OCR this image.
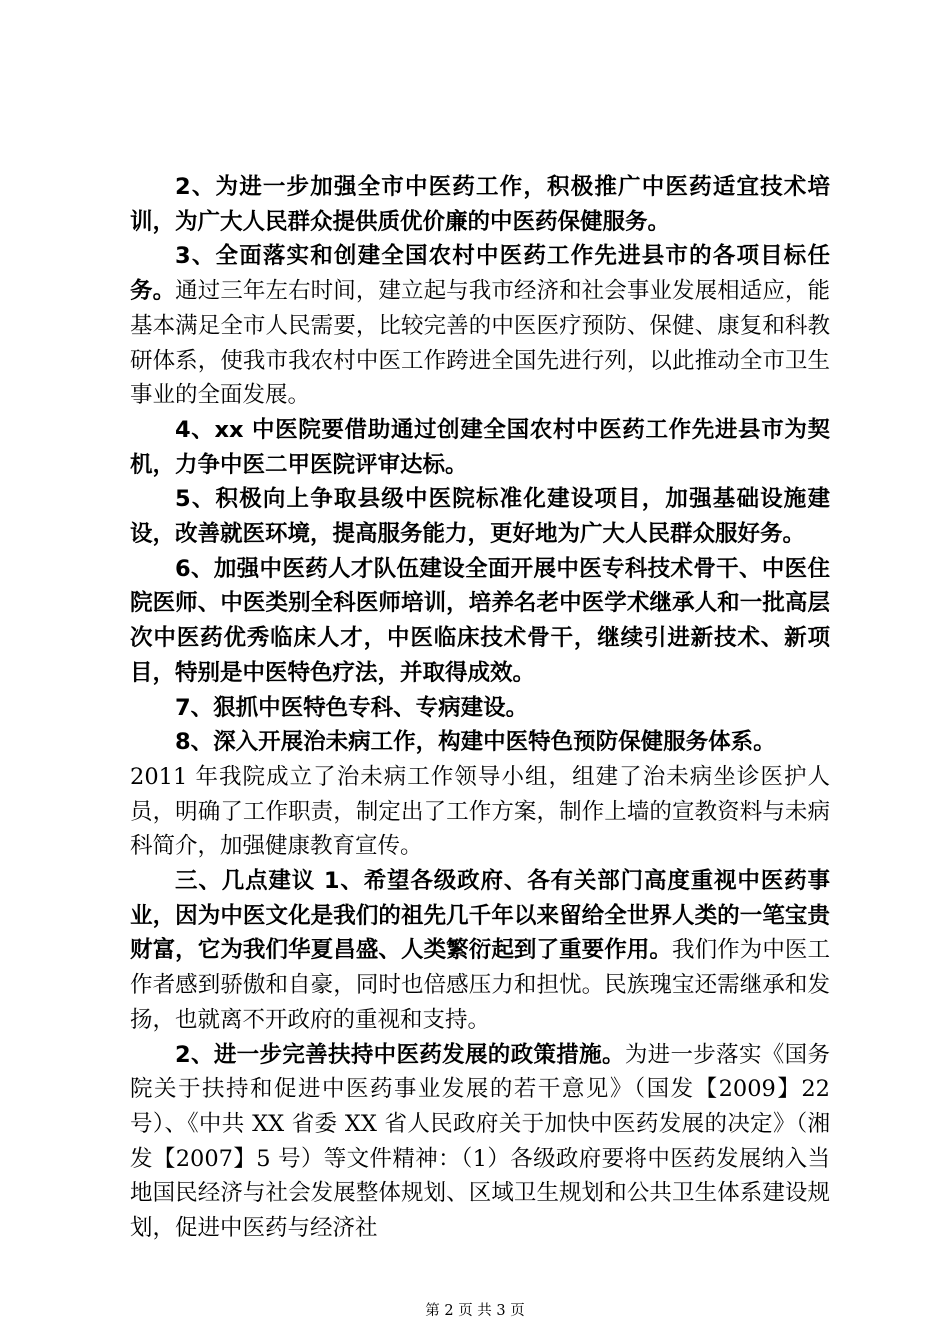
2、为进一步加强全市中医药工作，积极推广中医药适宜技术培训，为广大人民群众提供质优价廉的中医药保健服务。

3、全面落实和创建全国农村中医药工作先进县市的各项目标任务。通过三年左右时间，建立起与我市经济和社会事业发展相适应，能基本满足全市人民需要，比较完善的中医医疗预防、保健、康复和科教研体系，使我市我农村中医工作跨进全国先进行列，以此推动全市卫生事业的全面发展。

4、xx 中医院要借助通过创建全国农村中医药工作先进县市为契机，力争中医二甲医院评审达标。

5、积极向上争取县级中医院标准化建设项目，加强基础设施建设，改善就医环境，提高服务能力，更好地为广大人民群众服好务。

6、加强中医药人才队伍建设全面开展中医专科技术骨干、中医住院医师、中医类别全科医师培训，培养名老中医学术继承人和一批高层次中医药优秀临床人才，中医临床技术骨干，继续引进新技术、新项目，特别是中医特色疗法，并取得成效。

7、狠抓中医特色专科、专病建设。

8、深入开展治未病工作，构建中医特色预防保健服务体系。

2011 年我院成立了治未病工作领导小组，组建了治未病坐诊医护人员，明确了工作职责，制定出了工作方案，制作上墙的宣教资料与未病科简介，加强健康教育宣传。

三、几点建议 1、希望各级政府、各有关部门高度重视中医药事业，因为中医文化是我们的祖先几千年以来留给全世界人类的一笔宝贵财富，它为我们华夏昌盛、人类繁衍起到了重要作用。我们作为中医工作者感到骄傲和自豪，同时也倍感压力和担忧。民族瑰宝还需继承和发扬，也就离不开政府的重视和支持。

2、进一步完善扶持中医药发展的政策措施。为进一步落实《国务院关于扶持和促进中医药事业发展的若干意见》（国发【2009】22 号）、《中共 XX 省委 XX 省人民政府关于加快中医药发展的决定》（湘发【2007】5 号）等文件精神：（1）各级政府要将中医药发展纳入当地国民经济与社会发展整体规划、区域卫生规划和公共卫生体系建设规划，促进中医药与经济社

第 2 页 共 3 页
